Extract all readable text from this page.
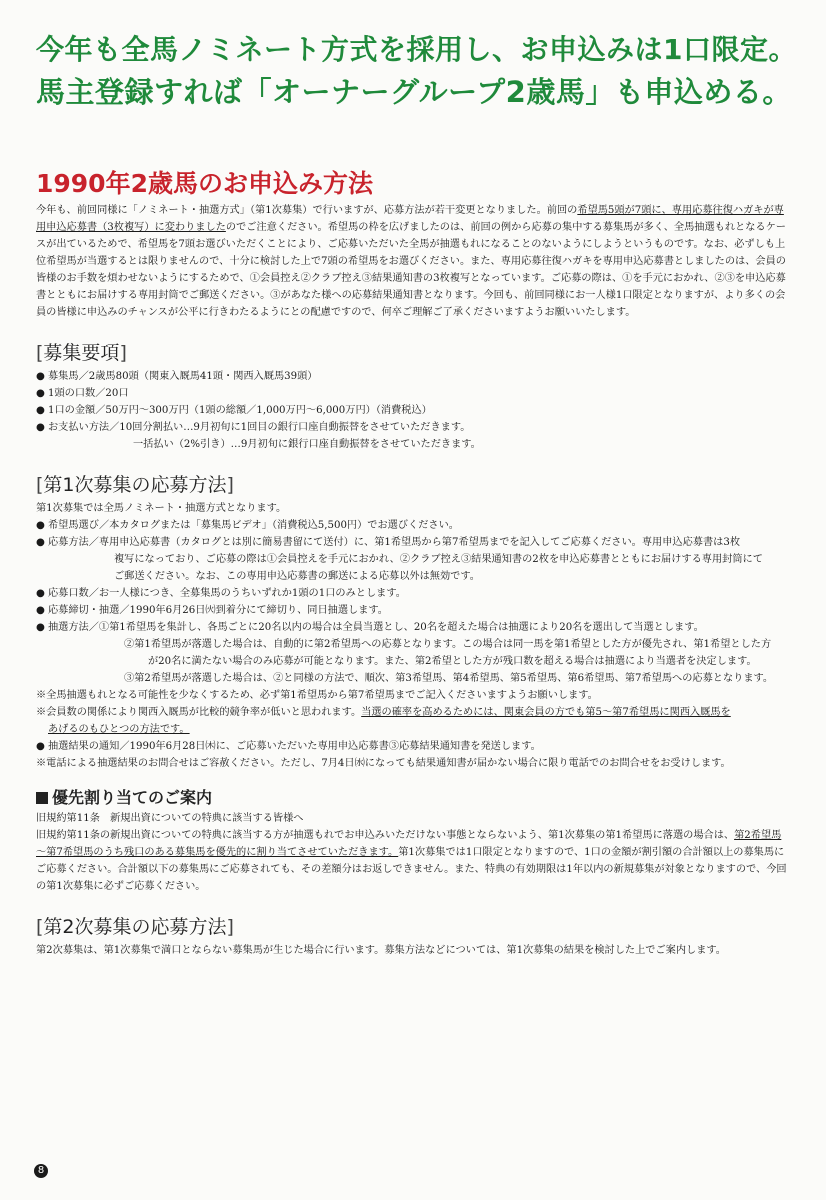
今年も全馬ノミネート方式を採用し、お申込みは1口限定。
馬主登録すれば「オーナーグループ2歳馬」も申込める。
1990年2歳馬のお申込み方法

今年も、前回同様に「ノミネート・抽選方式」（第1次募集）で行いますが、応募方法が若干変更となりました。前回の希望馬5頭が7頭に、専用応募往復ハガキが専用申込応募書（3枚複写）に変わりましたのでご注意ください。希望馬の枠を広げましたのは、前回の例から応募の集中する募集馬が多く、全馬抽選もれとなるケースが出ているためで、希望馬を7頭お選びいただくことにより、ご応募いただいた全馬が抽選もれになることのないようにしようというものです。なお、必ずしも上位希望馬が当選するとは限りませんので、十分に検討した上で7頭の希望馬をお選びください。また、専用応募往復ハガキを専用申込応募書としましたのは、会員の皆様のお手数を煩わせないようにするためで、①会員控え②クラブ控え③結果通知書の3枚複写となっています。ご応募の際は、①を手元におかれ、②③を申込応募書とともにお届けする専用封筒でご郵送ください。③があなた様への応募結果通知書となります。今回も、前回同様にお一人様1口限定となりますが、より多くの会員の皆様に申込みのチャンスが公平に行きわたるようにとの配慮ですので、何卒ご理解ご了承くださいますようお願いいたします。

[募集要項]

● 募集馬／2歳馬80頭（関東入厩馬41頭・関西入厩馬39頭）

● 1頭の口数／20口

● 1口の金額／50万円～300万円（1頭の総額／1,000万円～6,000万円）（消費税込）

● お支払い方法／10回分割払い…9月初旬に1回目の銀行口座自動振替をさせていただきます。

一括払い（2%引き）…9月初旬に銀行口座自動振替をさせていただきます。

[第1次募集の応募方法]

第1次募集では全馬ノミネート・抽選方式となります。

● 希望馬選び／本カタログまたは「募集馬ビデオ」（消費税込5,500円）でお選びください。

● 応募方法／専用申込応募書（カタログとは別に簡易書留にて送付）に、第1希望馬から第7希望馬までを記入してご応募ください。専用申込応募書は3枚

複写になっており、ご応募の際は①会員控えを手元におかれ、②クラブ控え③結果通知書の2枚を申込応募書とともにお届けする専用封筒にて

ご郵送ください。なお、この専用申込応募書の郵送による応募以外は無効です。

● 応募口数／お一人様につき、全募集馬のうちいずれか1頭の1口のみとします。

● 応募締切・抽選／1990年6月26日㈫到着分にて締切り、同日抽選します。

● 抽選方法／①第1希望馬を集計し、各馬ごとに20名以内の場合は全員当選とし、20名を超えた場合は抽選により20名を選出して当選とします。

②第1希望馬が落選した場合は、自動的に第2希望馬への応募となります。この場合は同一馬を第1希望とした方が優先され、第1希望とした方

が20名に満たない場合のみ応募が可能となります。また、第2希望とした方が残口数を超える場合は抽選により当選者を決定します。

③第2希望馬が落選した場合は、②と同様の方法で、順次、第3希望馬、第4希望馬、第5希望馬、第6希望馬、第7希望馬への応募となります。

※全馬抽選もれとなる可能性を少なくするため、必ず第1希望馬から第7希望馬までご記入くださいますようお願いします。

※会員数の関係により関西入厩馬が比較的競争率が低いと思われます。当選の確率を高めるためには、関東会員の方でも第5～第7希望馬に関西入厩馬を
あげるのもひとつの方法です。

● 抽選結果の通知／1990年6月28日㈭に、ご応募いただいた専用申込応募書③応募結果通知書を発送します。

※電話による抽選結果のお問合せはご容赦ください。ただし、7月4日㈬になっても結果通知書が届かない場合に限り電話でのお問合せをお受けします。

優先割り当てのご案内

旧規約第11条　新規出資についての特典に該当する皆様へ

旧規約第11条の新規出資についての特典に該当する方が抽選もれでお申込みいただけない事態とならないよう、第1次募集の第1希望馬に落選の場合は、第2希望馬～第7希望馬のうち残口のある募集馬を優先的に割り当てさせていただきます。第1次募集では1口限定となりますので、1口の金額が割引額の合計額以上の募集馬にご応募ください。合計額以下の募集馬にご応募されても、その差額分はお返しできません。また、特典の有効期限は1年以内の新規募集が対象となりますので、今回の第1次募集に必ずご応募ください。

[第2次募集の応募方法]

第2次募集は、第1次募集で満口とならない募集馬が生じた場合に行います。募集方法などについては、第1次募集の結果を検討した上でご案内します。

8
